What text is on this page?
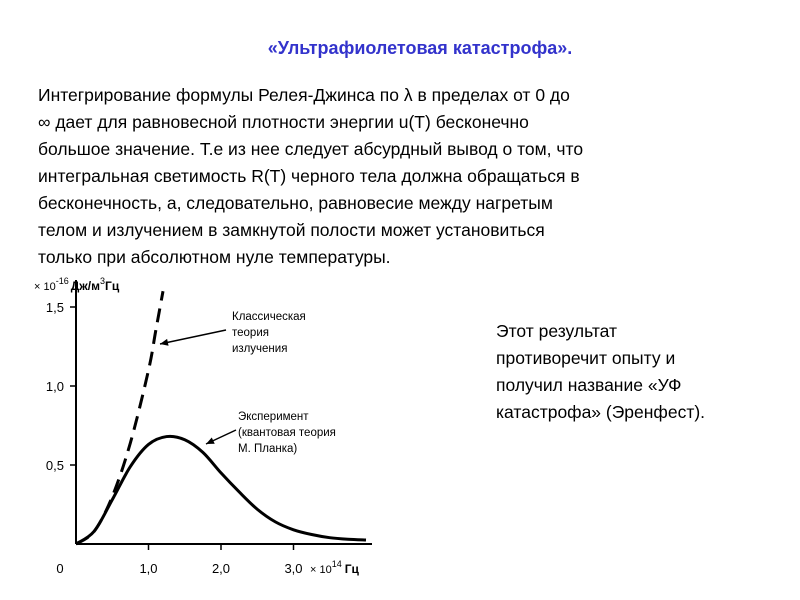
«Ультрафиолетовая катастрофа».
Интегрирование формулы Релея-Джинса по λ в пределах от 0 до
∞ дает для равновесной плотности энергии u(T) бесконечно
большое значение. Т.е из нее следует абсурдный вывод о том, что
интегральная светимость R(T) черного тела должна обращаться в
бесконечность, а, следовательно, равновесие между нагретым
телом и излучением в замкнутой полости может установиться
только при абсолютном нуле температуры.
Этот результат
противоречит опыту и
получил название «УФ
катастрофа» (Эренфест).
× $10^{-16}$ $Дж/м^3Гц$
× $10^{14}$ Гц
0	1,0	2,0	3,0
0,5
1,0
1,5
Классическая
теория
излучения
Эксперимент
(квантовая теория
М. Планка)
